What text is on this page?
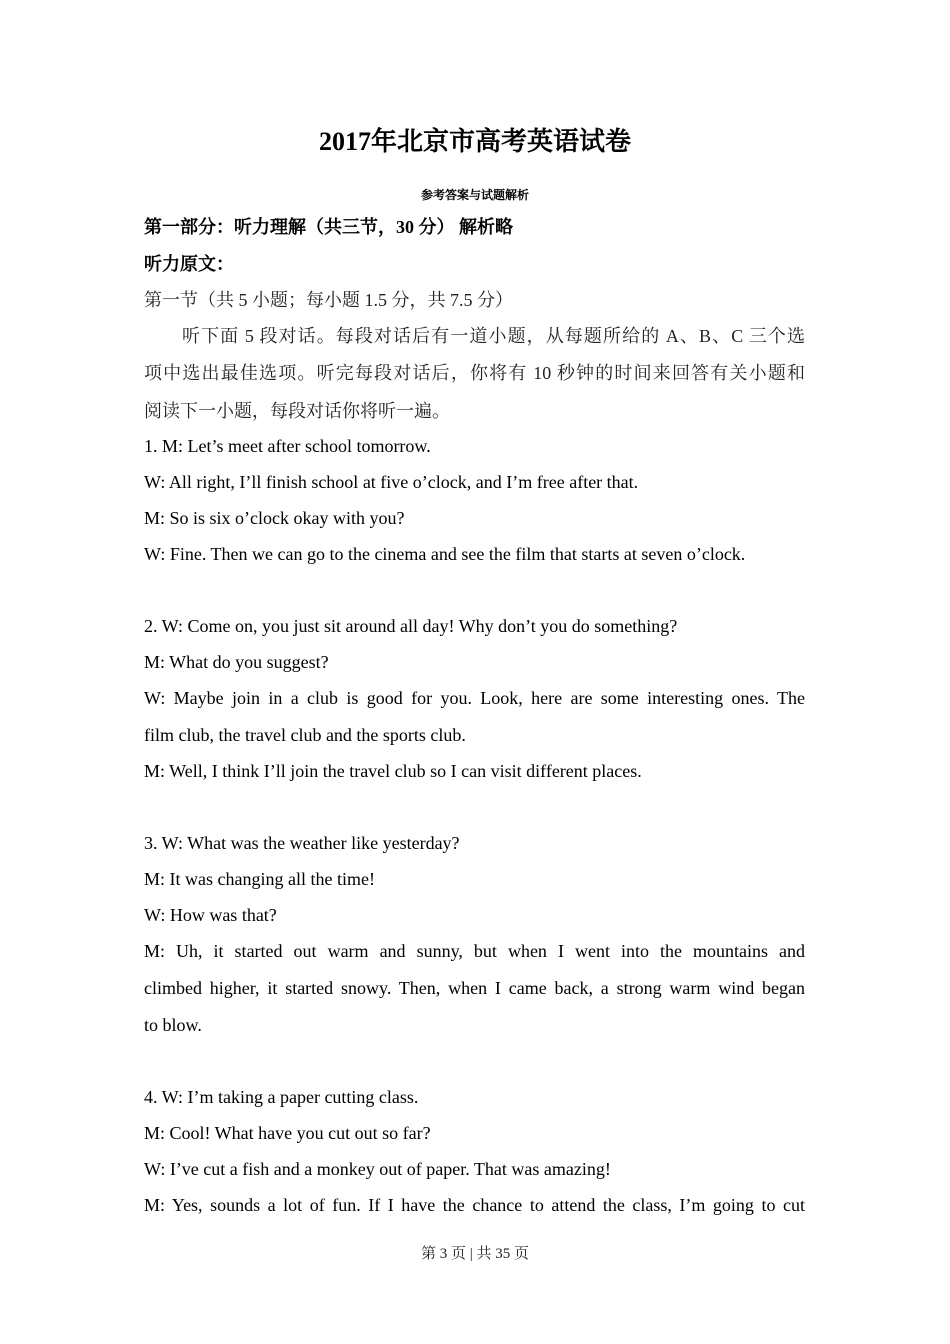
2017年北京市高考英语试卷
参考答案与试题解析
第一部分：听力理解（共三节，30 分） 解析略
听力原文：
第一节（共 5 小题；每小题 1.5 分，共 7.5 分）
听下面 5 段对话。每段对话后有一道小题，从每题所给的 A、B、C 三个选
项中选出最佳选项。听完每段对话后，你将有 10 秒钟的时间来回答有关小题和
阅读下一小题，每段对话你将听一遍。
1. M: Let’s meet after school tomorrow.
W: All right, I’ll finish school at five o’clock, and I’m free after that.
M: So is six o’clock okay with you?
W: Fine. Then we can go to the cinema and see the film that starts at seven o’clock.
2. W: Come on, you just sit around all day! Why don’t you do something?
M: What do you suggest?
W: Maybe join in a club is good for you. Look, here are some interesting ones. The
film club, the travel club and the sports club.
M: Well, I think I’ll join the travel club so I can visit different places.
3. W: What was the weather like yesterday?
M: It was changing all the time!
W: How was that?
M: Uh, it started out warm and sunny, but when I went into the mountains and
climbed higher, it started snowy. Then, when I came back, a strong warm wind began
to blow.
4. W: I’m taking a paper cutting class.
M: Cool! What have you cut out so far?
W: I’ve cut a fish and a monkey out of paper. That was amazing!
M: Yes, sounds a lot of fun. If I have the chance to attend the class, I’m going to cut
第 3 页 | 共 35 页
